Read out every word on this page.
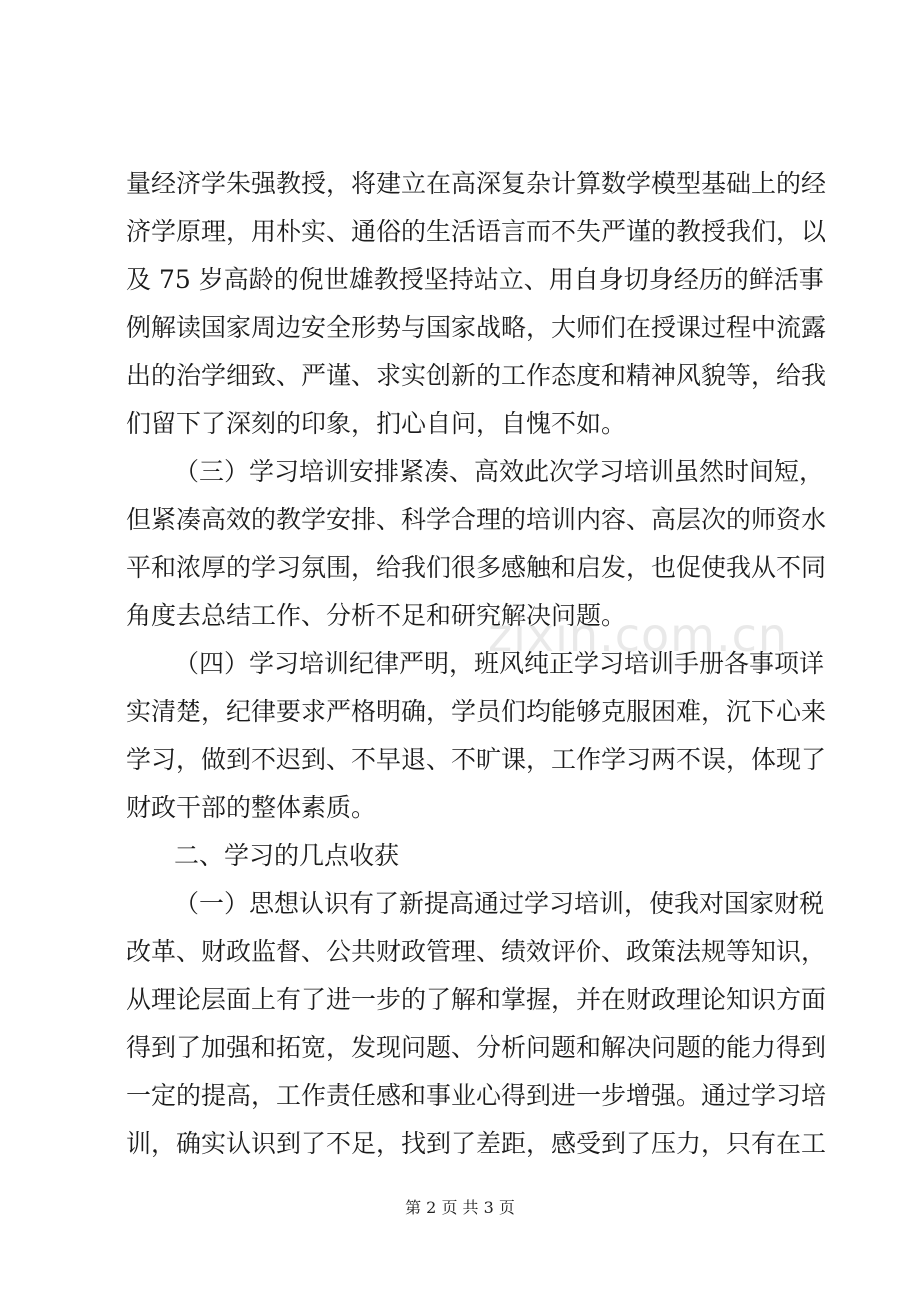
量经济学朱强教授，将建立在高深复杂计算数学模型基础上的经
济学原理，用朴实、通俗的生活语言而不失严谨的教授我们，以
及 75 岁高龄的倪世雄教授坚持站立、用自身切身经历的鲜活事
例解读国家周边安全形势与国家战略，大师们在授课过程中流露
出的治学细致、严谨、求实创新的工作态度和精神风貌等，给我
们留下了深刻的印象，扪心自问，自愧不如。
（三）学习培训安排紧凑、高效此次学习培训虽然时间短，
但紧凑高效的教学安排、科学合理的培训内容、高层次的师资水
平和浓厚的学习氛围，给我们很多感触和启发，也促使我从不同
角度去总结工作、分析不足和研究解决问题。
（四）学习培训纪律严明，班风纯正学习培训手册各事项详
实清楚，纪律要求严格明确，学员们均能够克服困难，沉下心来
学习，做到不迟到、不早退、不旷课，工作学习两不误，体现了
财政干部的整体素质。
二、学习的几点收获
（一）思想认识有了新提高通过学习培训，使我对国家财税
改革、财政监督、公共财政管理、绩效评价、政策法规等知识，
从理论层面上有了进一步的了解和掌握，并在财政理论知识方面
得到了加强和拓宽，发现问题、分析问题和解决问题的能力得到
一定的提高，工作责任感和事业心得到进一步增强。通过学习培
训，确实认识到了不足，找到了差距，感受到了压力，只有在工
zixin.com.cn
第 2 页 共 3 页
